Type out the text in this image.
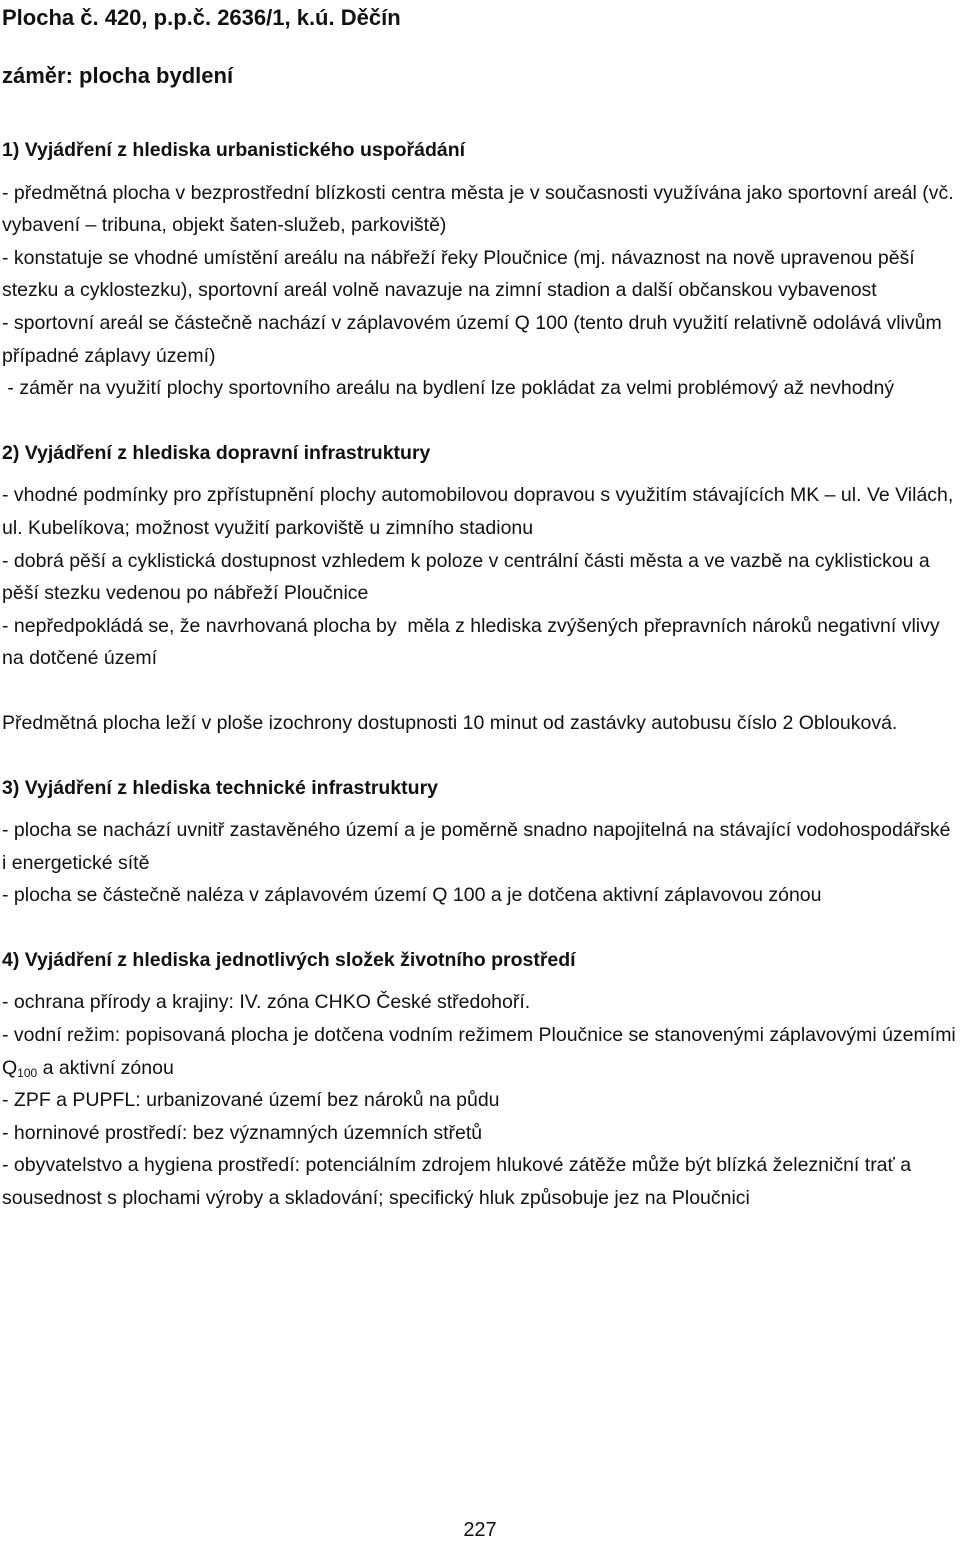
Plocha č. 420, p.p.č. 2636/1, k.ú. Děčín
záměr: plocha bydlení
1) Vyjádření z hlediska urbanistického uspořádání

- předmětná plocha v bezprostřední blízkosti centra města je v současnosti využívána jako sportovní areál (vč. vybavení – tribuna, objekt šaten-služeb, parkoviště)

- konstatuje se vhodné umístění areálu na nábřeží řeky Ploučnice (mj. návaznost na nově upravenou pěší stezku a cyklostezku), sportovní areál volně navazuje na zimní stadion a další občanskou vybavenost

- sportovní areál se částečně nachází v záplavovém území Q 100 (tento druh využití relativně odolává vlivům případné záplavy území)

- záměr na využití plochy sportovního areálu na bydlení lze pokládat za velmi problémový až nevhodný

2) Vyjádření z hlediska dopravní infrastruktury

- vhodné podmínky pro zpřístupnění plochy automobilovou dopravou s využitím stávajících MK – ul. Ve Vilách, ul. Kubelíkova; možnost využití parkoviště u zimního stadionu

- dobrá pěší a cyklistická dostupnost vzhledem k poloze v centrální části města a ve vazbě na cyklistickou a pěší stezku vedenou po nábřeží Ploučnice

- nepředpokládá se, že navrhovaná plocha by  měla z hlediska zvýšených přepravních nároků negativní vlivy na dotčené území

Předmětná plocha leží v ploše izochrony dostupnosti 10 minut od zastávky autobusu číslo 2 Oblouková.

3) Vyjádření z hlediska technické infrastruktury

- plocha se nachází uvnitř zastavěného území a je poměrně snadno napojitelná na stávající vodohospodářské i energetické sítě

- plocha se částečně naléza v záplavovém území Q 100 a je dotčena aktivní záplavovou zónou

4) Vyjádření z hlediska jednotlivých složek životního prostředí

- ochrana přírody a krajiny: IV. zóna CHKO České středohoří.

- vodní režim: popisovaná plocha je dotčena vodním režimem Ploučnice se stanovenými záplavovými územími $Q_{100}$ a aktivní zónou

- ZPF a PUPFL: urbanizované území bez nároků na půdu

- horninové prostředí: bez významných územních střetů

- obyvatelstvo a hygiena prostředí: potenciálním zdrojem hlukové zátěže může být blízká železniční trať a sousednost s plochami výroby a skladování; specifický hluk způsobuje jez na Ploučnici

227
